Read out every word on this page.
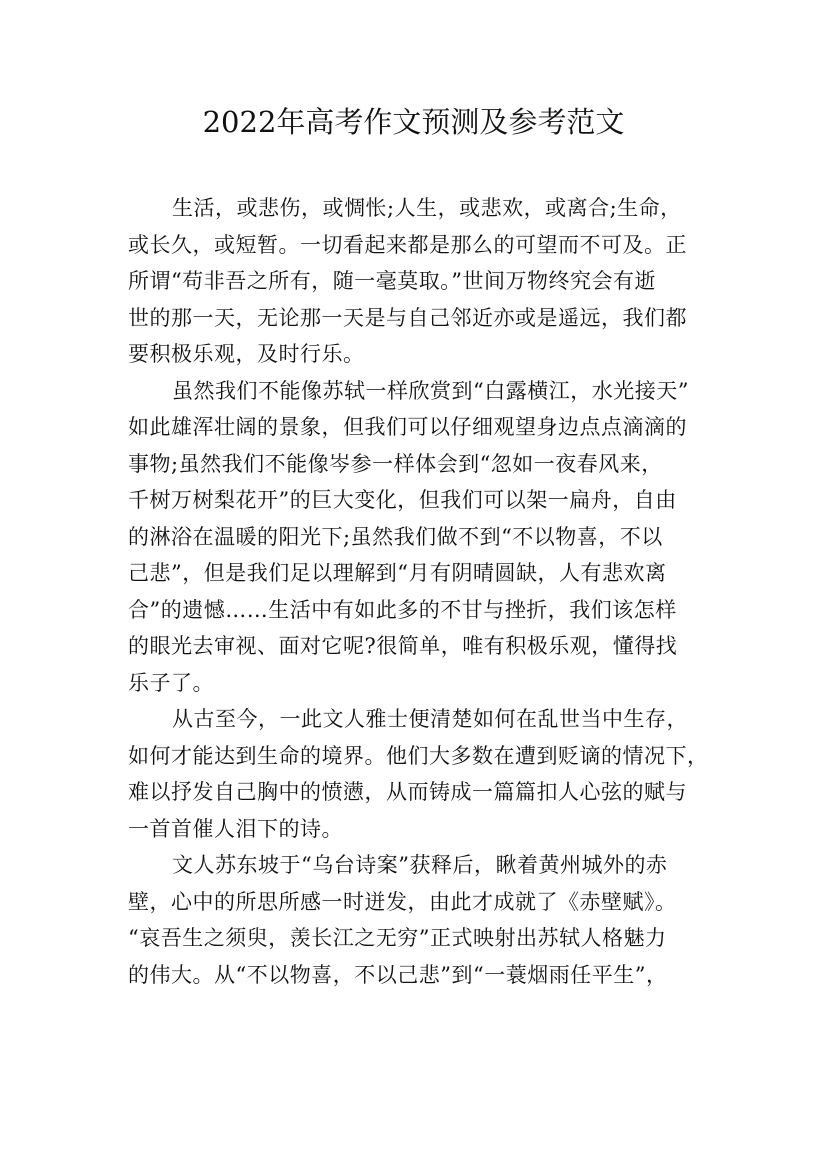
2022年高考作文预测及参考范文
生活，或悲伤，或惆怅;人生，或悲欢，或离合;生命，
或长久，或短暂。一切看起来都是那么的可望而不可及。正
所谓“苟非吾之所有，随一毫莫取。”世间万物终究会有逝
世的那一天，无论那一天是与自己邻近亦或是遥远，我们都
要积极乐观，及时行乐。
虽然我们不能像苏轼一样欣赏到“白露横江，水光接天”
如此雄浑壮阔的景象，但我们可以仔细观望身边点点滴滴的
事物;虽然我们不能像岑参一样体会到“忽如一夜春风来，
千树万树梨花开”的巨大变化，但我们可以架一扁舟，自由
的淋浴在温暖的阳光下;虽然我们做不到“不以物喜，不以
己悲”，但是我们足以理解到“月有阴晴圆缺，人有悲欢离
合”的遗憾……生活中有如此多的不甘与挫折，我们该怎样
的眼光去审视、面对它呢?很简单，唯有积极乐观，懂得找
乐子了。
从古至今，一此文人雅士便清楚如何在乱世当中生存，
如何才能达到生命的境界。他们大多数在遭到贬谪的情况下，
难以抒发自己胸中的愤懑，从而铸成一篇篇扣人心弦的赋与
一首首催人泪下的诗。
文人苏东坡于“乌台诗案”获释后，瞅着黄州城外的赤
壁，心中的所思所感一时迸发，由此才成就了《赤壁赋》。
“哀吾生之须臾，羡长江之无穷”正式映射出苏轼人格魅力
的伟大。从“不以物喜，不以己悲”到“一蓑烟雨任平生”，
